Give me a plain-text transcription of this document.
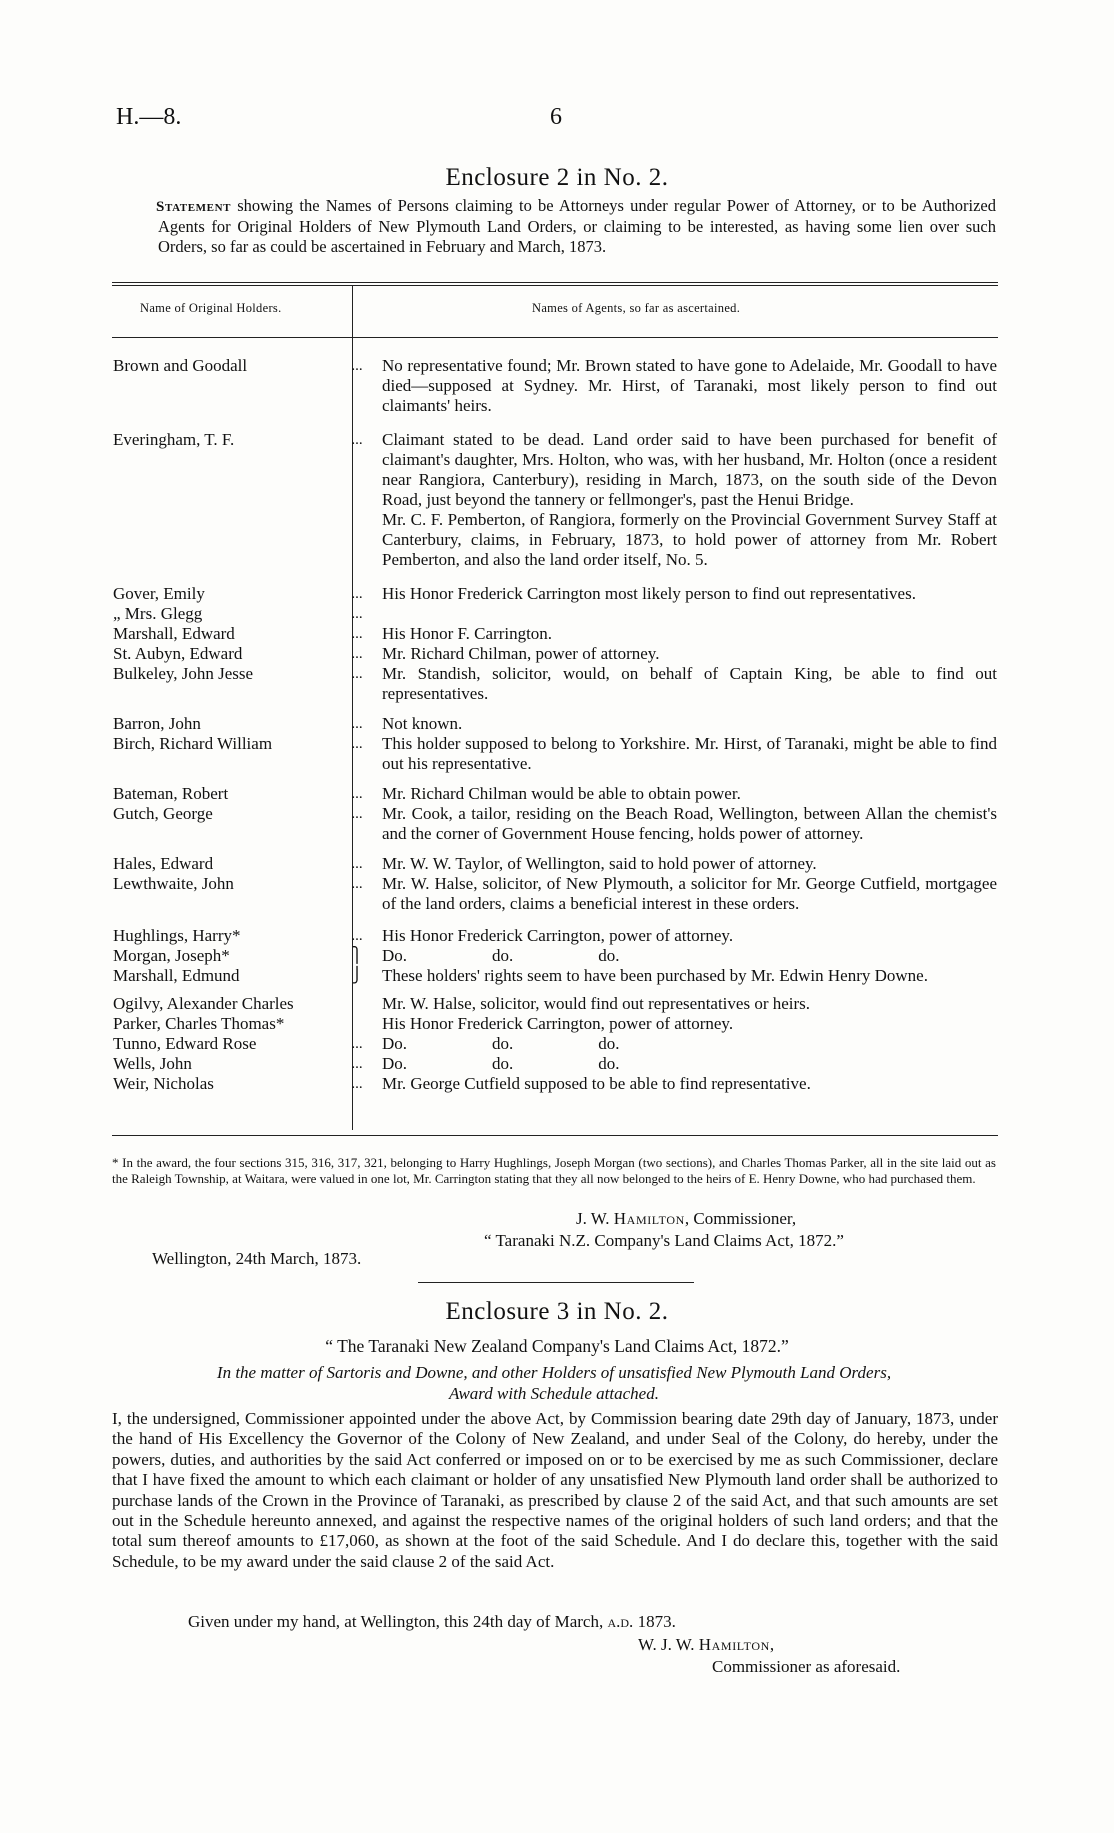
H.—8.	6
Enclosure 2 in No. 2.
Statement showing the Names of Persons claiming to be Attorneys under regular Power of Attorney, or to be Authorized Agents for Original Holders of New Plymouth Land Orders, or claiming to be interested, as having some lien over such Orders, so far as could be ascertained in February and March, 1873.
Name of Original Holders.	Names of Agents, so far as ascertained.
Brown and Goodall	...	No representative found; Mr. Brown stated to have gone to Adelaide, Mr. Goodall to have died—supposed at Sydney. Mr. Hirst, of Taranaki, most likely person to find out claimants' heirs.
Everingham, T. F.	...	Claimant stated to be dead. Land order said to have been purchased for benefit of claimant's daughter, Mrs. Holton, who was, with her husband, Mr. Holton (once a resident near Rangiora, Canterbury), residing in March, 1873, on the south side of the Devon Road, just beyond the tannery or fellmonger's, past the Henui Bridge.
		Mr. C. F. Pemberton, of Rangiora, formerly on the Provincial Government Survey Staff at Canterbury, claims, in February, 1873, to hold power of attorney from Mr. Robert Pemberton, and also the land order itself, No. 5.
Gover, Emily	...	His Honor Frederick Carrington most likely person to find out representatives.
„ Mrs. Glegg	...	
Marshall, Edward	...	His Honor F. Carrington.
St. Aubyn, Edward	...	Mr. Richard Chilman, power of attorney.
Bulkeley, John Jesse	...	Mr. Standish, solicitor, would, on behalf of Captain King, be able to find out representatives.
Barron, John	...	Not known.
Birch, Richard William	...	This holder supposed to belong to Yorkshire. Mr. Hirst, of Taranaki, might be able to find out his representative.
Bateman, Robert	...	Mr. Richard Chilman would be able to obtain power.
Gutch, George	...	Mr. Cook, a tailor, residing on the Beach Road, Wellington, between Allan the chemist's and the corner of Government House fencing, holds power of attorney.
Hales, Edward	...	Mr. W. W. Taylor, of Wellington, said to hold power of attorney.
Lewthwaite, John	...	Mr. W. Halse, solicitor, of New Plymouth, a solicitor for Mr. George Cutfield, mortgagee of the land orders, claims a beneficial interest in these orders.
Hughlings, Harry*	...	His Honor Frederick Carrington, power of attorney.
Morgan, Joseph*	⎫	Do.                    do.                    do.
Marshall, Edmund	⎭	These holders' rights seem to have been purchased by Mr. Edwin Henry Downe.
Ogilvy, Alexander Charles		Mr. W. Halse, solicitor, would find out representatives or heirs.
Parker, Charles Thomas*		His Honor Frederick Carrington, power of attorney.
Tunno, Edward Rose	...	Do.                    do.                    do.
Wells, John	...	Do.                    do.                    do.
Weir, Nicholas	...	Mr. George Cutfield supposed to be able to find representative.
* In the award, the four sections 315, 316, 317, 321, belonging to Harry Hughlings, Joseph Morgan (two sections), and Charles Thomas Parker, all in the site laid out as the Raleigh Township, at Waitara, were valued in one lot, Mr. Carrington stating that they all now belonged to the heirs of E. Henry Downe, who had purchased them.
J. W. Hamilton, Commissioner,
“ Taranaki N.Z. Company's Land Claims Act, 1872.”
Wellington, 24th March, 1873.
Enclosure 3 in No. 2.
“ The Taranaki New Zealand Company's Land Claims Act, 1872.”
In the matter of Sartoris and Downe, and other Holders of unsatisfied New Plymouth Land Orders,
Award with Schedule attached.
I, the undersigned, Commissioner appointed under the above Act, by Commission bearing date 29th day of January, 1873, under the hand of His Excellency the Governor of the Colony of New Zealand, and under Seal of the Colony, do hereby, under the powers, duties, and authorities by the said Act conferred or imposed on or to be exercised by me as such Commissioner, declare that I have fixed the amount to which each claimant or holder of any unsatisfied New Plymouth land order shall be authorized to purchase lands of the Crown in the Province of Taranaki, as prescribed by clause 2 of the said Act, and that such amounts are set out in the Schedule hereunto annexed, and against the respective names of the original holders of such land orders; and that the total sum thereof amounts to £17,060, as shown at the foot of the said Schedule. And I do declare this, together with the said Schedule, to be my award under the said clause 2 of the said Act.
Given under my hand, at Wellington, this 24th day of March, a.d. 1873.
W. J. W. Hamilton,
Commissioner as aforesaid.
